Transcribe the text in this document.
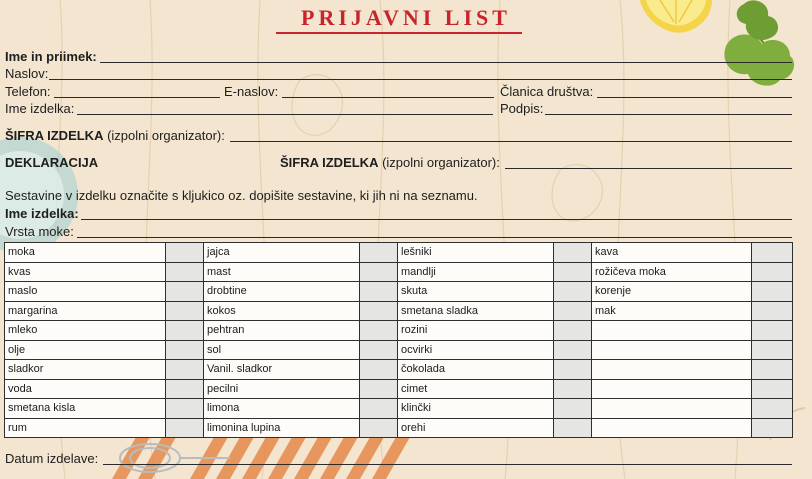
PRIJAVNI LIST
Ime in priimek:
Naslov:
Telefon:	E-naslov:	Članica društva:
Ime izdelka:	Podpis:
ŠIFRA IZDELKA (izpolni organizator):
DEKLARACIJA	ŠIFRA IZDELKA (izpolni organizator):
Sestavine v izdelku označite s kljukico oz. dopišite sestavine, ki jih ni na seznamu.
Ime izdelka:
Vrsta moke:
moka		jajca		lešniki		kava	
kvas		mast		mandlji		rožičeva moka	
maslo		drobtine		skuta		korenje	
margarina		kokos		smetana sladka		mak	
mleko		pehtran		rozini			
olje		sol		ocvirki			
sladkor		Vanil. sladkor		čokolada			
voda		pecilni		cimet			
smetana kisla		limona		klinčki			
rum		limonina lupina		orehi			
Datum izdelave:
